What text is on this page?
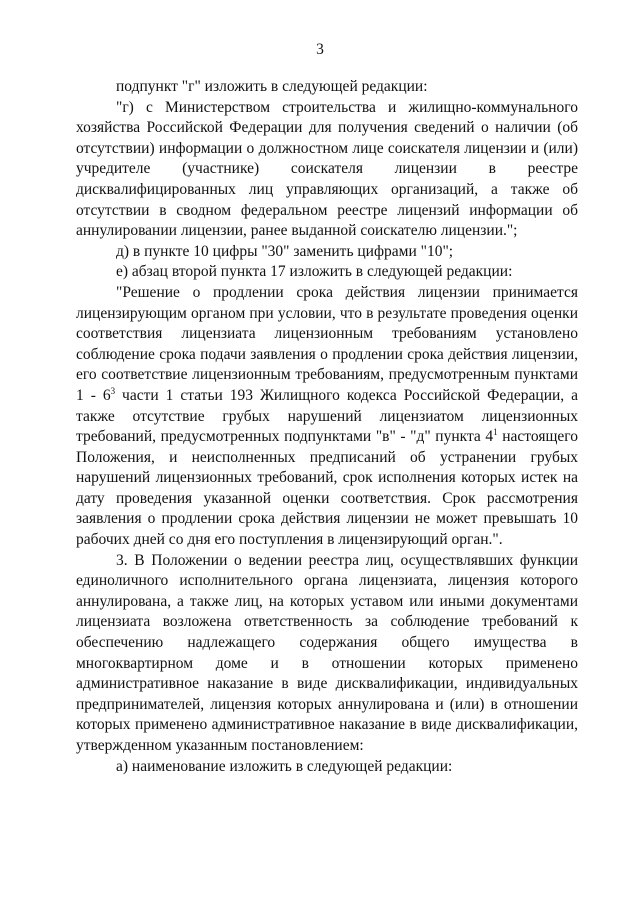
3

подпункт "г" изложить в следующей редакции:

"г) с Министерством строительства и жилищно-коммунального хозяйства Российской Федерации для получения сведений о наличии (об отсутствии) информации о должностном лице соискателя лицензии и (или) учредителе (участнике) соискателя лицензии в реестре дисквалифицированных лиц управляющих организаций, а также об отсутствии в сводном федеральном реестре лицензий информации об аннулировании лицензии, ранее выданной соискателю лицензии.";

д) в пункте 10 цифры "30" заменить цифрами "10";

е) абзац второй пункта 17 изложить в следующей редакции:

"Решение о продлении срока действия лицензии принимается лицензирующим органом при условии, что в результате проведения оценки соответствия лицензиата лицензионным требованиям установлено соблюдение срока подачи заявления о продлении срока действия лицензии, его соответствие лицензионным требованиям, предусмотренным пунктами $1 - 6^3$ части 1 статьи 193 Жилищного кодекса Российской Федерации, а также отсутствие грубых нарушений лицензиатом лицензионных требований, предусмотренных подпунктами "в" - "д" пункта $4^1$ настоящего Положения, и неисполненных предписаний об устранении грубых нарушений лицензионных требований, срок исполнения которых истек на дату проведения указанной оценки соответствия. Срок рассмотрения заявления о продлении срока действия лицензии не может превышать 10 рабочих дней со дня его поступления в лицензирующий орган.".

3. В Положении о ведении реестра лиц, осуществлявших функции единоличного исполнительного органа лицензиата, лицензия которого аннулирована, а также лиц, на которых уставом или иными документами лицензиата возложена ответственность за соблюдение требований к обеспечению надлежащего содержания общего имущества в многоквартирном доме и в отношении которых применено административное наказание в виде дисквалификации, индивидуальных предпринимателей, лицензия которых аннулирована и (или) в отношении которых применено административное наказание в виде дисквалификации, утвержденном указанным постановлением:

а) наименование изложить в следующей редакции:
